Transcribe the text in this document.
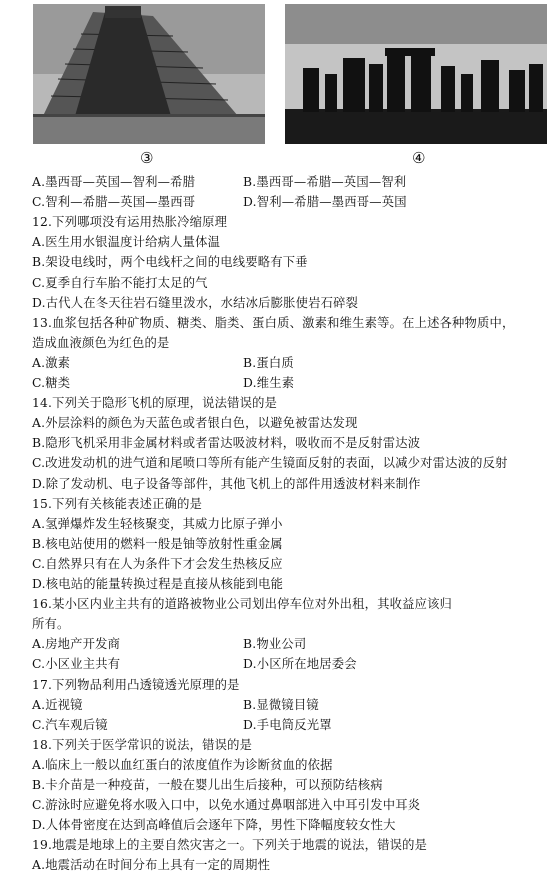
③	④
A.墨西哥—英国—智利—希腊	B.墨西哥—希腊—英国—智利
C.智利—希腊—英国—墨西哥	D.智利—希腊—墨西哥—英国
12.下列哪项没有运用热胀冷缩原理
A.医生用水银温度计给病人量体温
B.架设电线时，两个电线杆之间的电线要略有下垂
C.夏季自行车胎不能打太足的气
D.古代人在冬天往岩石缝里泼水，水结冰后膨胀使岩石碎裂
13.血浆包括各种矿物质、糖类、脂类、蛋白质、激素和维生素等。在上述各种物质中，
造成血液颜色为红色的是
A.激素	B.蛋白质
C.糖类	D.维生素
14.下列关于隐形飞机的原理，说法错误的是
A.外层涂料的颜色为天蓝色或者银白色，以避免被雷达发现
B.隐形飞机采用非金属材料或者雷达吸波材料，吸收而不是反射雷达波
C.改进发动机的进气道和尾喷口等所有能产生镜面反射的表面，以减少对雷达波的反射
D.除了发动机、电子设备等部件，其他飞机上的部件用透波材料来制作
15.下列有关核能表述正确的是
A.氢弹爆炸发生轻核聚变，其威力比原子弹小
B.核电站使用的燃料一般是铀等放射性重金属
C.自然界只有在人为条件下才会发生热核反应
D.核电站的能量转换过程是直接从核能到电能
16.某小区内业主共有的道路被物业公司划出停车位对外出租，其收益应该归
所有。
A.房地产开发商	B.物业公司
C.小区业主共有	D.小区所在地居委会
17.下列物品利用凸透镜透光原理的是
A.近视镜	B.显微镜目镜
C.汽车观后镜	D.手电筒反光罩
18.下列关于医学常识的说法，错误的是
A.临床上一般以血红蛋白的浓度值作为诊断贫血的依据
B.卡介苗是一种疫苗，一般在婴儿出生后接种，可以预防结核病
C.游泳时应避免将水吸入口中，以免水通过鼻咽部进入中耳引发中耳炎
D.人体骨密度在达到高峰值后会逐年下降，男性下降幅度较女性大
19.地震是地球上的主要自然灾害之一。下列关于地震的说法，错误的是
A.地震活动在时间分布上具有一定的周期性
